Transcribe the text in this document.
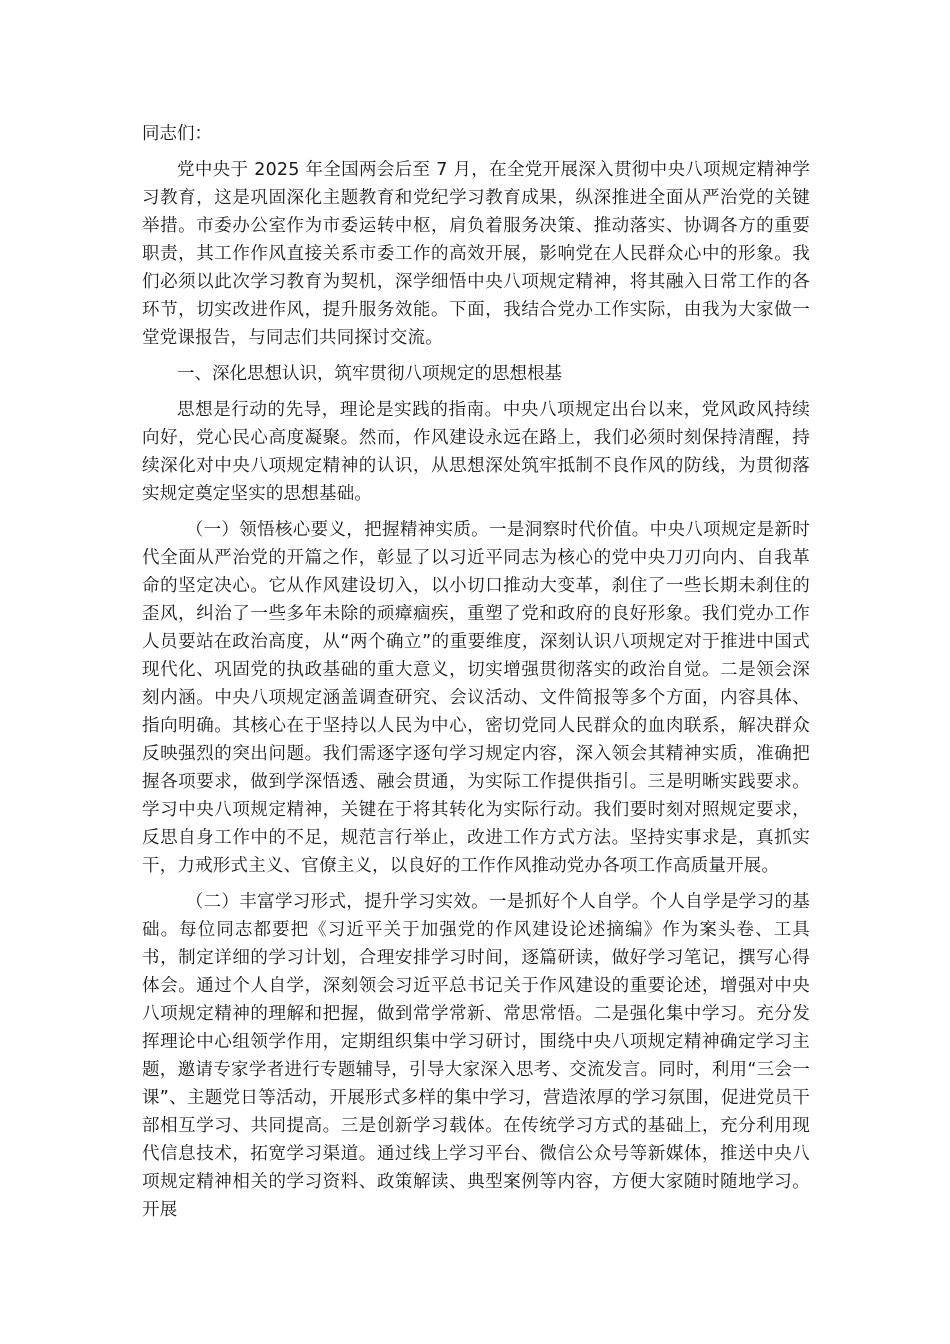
同志们：

党中央于 2025 年全国两会后至 7 月，在全党开展深入贯彻中央八项规定精神学习教育，这是巩固深化主题教育和党纪学习教育成果，纵深推进全面从严治党的关键举措。市委办公室作为市委运转中枢，肩负着服务决策、推动落实、协调各方的重要职责，其工作作风直接关系市委工作的高效开展，影响党在人民群众心中的形象。我们必须以此次学习教育为契机，深学细悟中央八项规定精神，将其融入日常工作的各环节，切实改进作风，提升服务效能。下面，我结合党办工作实际，由我为大家做一堂党课报告，与同志们共同探讨交流。

一、深化思想认识，筑牢贯彻八项规定的思想根基

思想是行动的先导，理论是实践的指南。中央八项规定出台以来，党风政风持续向好，党心民心高度凝聚。然而，作风建设永远在路上，我们必须时刻保持清醒，持续深化对中央八项规定精神的认识，从思想深处筑牢抵制不良作风的防线，为贯彻落实规定奠定坚实的思想基础。

（一）领悟核心要义，把握精神实质。一是洞察时代价值。中央八项规定是新时代全面从严治党的开篇之作，彰显了以习近平同志为核心的党中央刀刃向内、自我革命的坚定决心。它从作风建设切入，以小切口推动大变革，刹住了一些长期未刹住的歪风，纠治了一些多年未除的顽瘴痼疾，重塑了党和政府的良好形象。我们党办工作人员要站在政治高度，从“两个确立”的重要维度，深刻认识八项规定对于推进中国式现代化、巩固党的执政基础的重大意义，切实增强贯彻落实的政治自觉。二是领会深刻内涵。中央八项规定涵盖调查研究、会议活动、文件简报等多个方面，内容具体、指向明确。其核心在于坚持以人民为中心，密切党同人民群众的血肉联系，解决群众反映强烈的突出问题。我们需逐字逐句学习规定内容，深入领会其精神实质，准确把握各项要求，做到学深悟透、融会贯通，为实际工作提供指引。三是明晰实践要求。学习中央八项规定精神，关键在于将其转化为实际行动。我们要时刻对照规定要求，反思自身工作中的不足，规范言行举止，改进工作方式方法。坚持实事求是，真抓实干，力戒形式主义、官僚主义，以良好的工作作风推动党办各项工作高质量开展。

（二）丰富学习形式，提升学习实效。一是抓好个人自学。个人自学是学习的基础。每位同志都要把《习近平关于加强党的作风建设论述摘编》作为案头卷、工具书，制定详细的学习计划，合理安排学习时间，逐篇研读，做好学习笔记，撰写心得体会。通过个人自学，深刻领会习近平总书记关于作风建设的重要论述，增强对中央八项规定精神的理解和把握，做到常学常新、常思常悟。二是强化集中学习。充分发挥理论中心组领学作用，定期组织集中学习研讨，围绕中央八项规定精神确定学习主题，邀请专家学者进行专题辅导，引导大家深入思考、交流发言。同时，利用“三会一课”、主题党日等活动，开展形式多样的集中学习，营造浓厚的学习氛围，促进党员干部相互学习、共同提高。三是创新学习载体。在传统学习方式的基础上，充分利用现代信息技术，拓宽学习渠道。通过线上学习平台、微信公众号等新媒体，推送中央八项规定精神相关的学习资料、政策解读、典型案例等内容，方便大家随时随地学习。开展
